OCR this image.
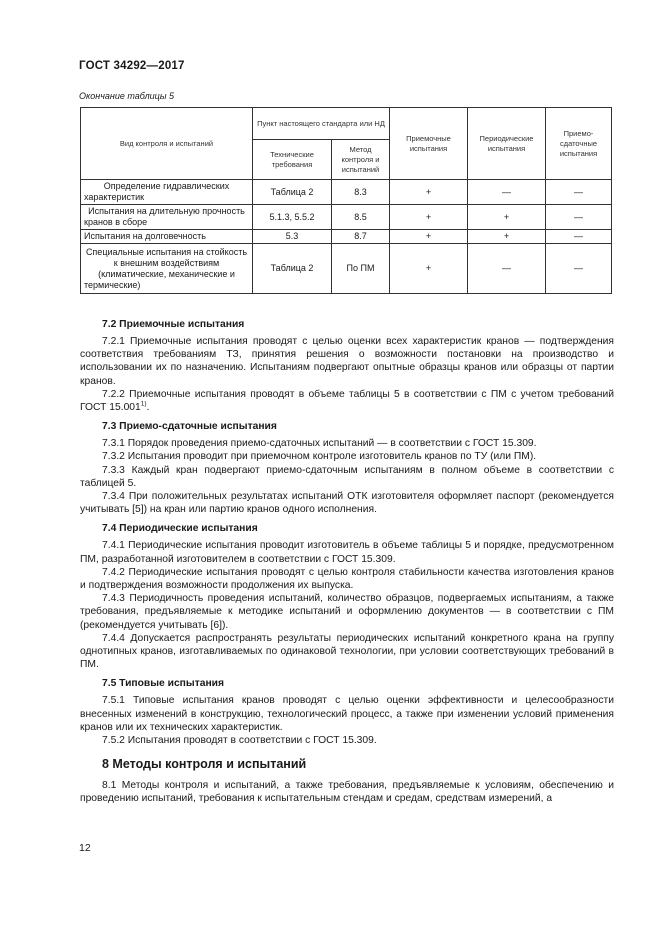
ГОСТ 34292—2017
Окончание таблицы 5
Вид контроля и испытаний	Пункт настоящего стандарта или НД		Приемочные испытания	Периодические испытания	Приемо-сдаточные испытания
	Технические требования	Метод контроля и испытаний			
Определение гидравлических характеристик	Таблица 2	8.3	+	—	—
Испытания на длительную прочность кранов в сборе	5.1.3, 5.5.2	8.5	+	+	—
Испытания на долговечность	5.3	8.7	+	+	—
Специальные испытания на стойкость к внешним воздействиям (климатические, механические и термические)	Таблица 2	По ПМ	+	—	—
7.2 Приемочные испытания

7.2.1 Приемочные испытания проводят с целью оценки всех характеристик кранов — подтверждения соответствия требованиям ТЗ, принятия решения о возможности постановки на производство и использовании их по назначению. Испытаниям подвергают опытные образцы кранов или образцы от партии кранов.

7.2.2 Приемочные испытания проводят в объеме таблицы 5 в соответствии с ПМ с учетом требований ГОСТ 15.001$^{1)}$.

7.3 Приемо-сдаточные испытания

7.3.1 Порядок проведения приемо-сдаточных испытаний — в соответствии с ГОСТ 15.309.

7.3.2 Испытания проводит при приемочном контроле изготовитель кранов по ТУ (или ПМ).

7.3.3 Каждый кран подвергают приемо-сдаточным испытаниям в полном объеме в соответствии с таблицей 5.

7.3.4 При положительных результатах испытаний ОТК изготовителя оформляет паспорт (рекомендуется учитывать [5]) на кран или партию кранов одного исполнения.

7.4 Периодические испытания

7.4.1 Периодические испытания проводит изготовитель в объеме таблицы 5 и порядке, предусмотренном ПМ, разработанной изготовителем в соответствии с ГОСТ 15.309.

7.4.2 Периодические испытания проводят с целью контроля стабильности качества изготовления кранов и подтверждения возможности продолжения их выпуска.

7.4.3 Периодичность проведения испытаний, количество образцов, подвергаемых испытаниям, а также требования, предъявляемые к методике испытаний и оформлению документов — в соответствии с ПМ (рекомендуется учитывать [6]).

7.4.4 Допускается распространять результаты периодических испытаний конкретного крана на группу однотипных кранов, изготавливаемых по одинаковой технологии, при условии соответствующих требований в ПМ.

7.5 Типовые испытания

7.5.1 Типовые испытания кранов проводят с целью оценки эффективности и целесообразности внесенных изменений в конструкцию, технологический процесс, а также при изменении условий применения кранов или их технических характеристик.

7.5.2 Испытания проводят в соответствии с ГОСТ 15.309.

8 Методы контроля и испытаний

8.1 Методы контроля и испытаний, а также требования, предъявляемые к условиям, обеспечению и проведению испытаний, требования к испытательным стендам и средам, средствам измерений, а

12
